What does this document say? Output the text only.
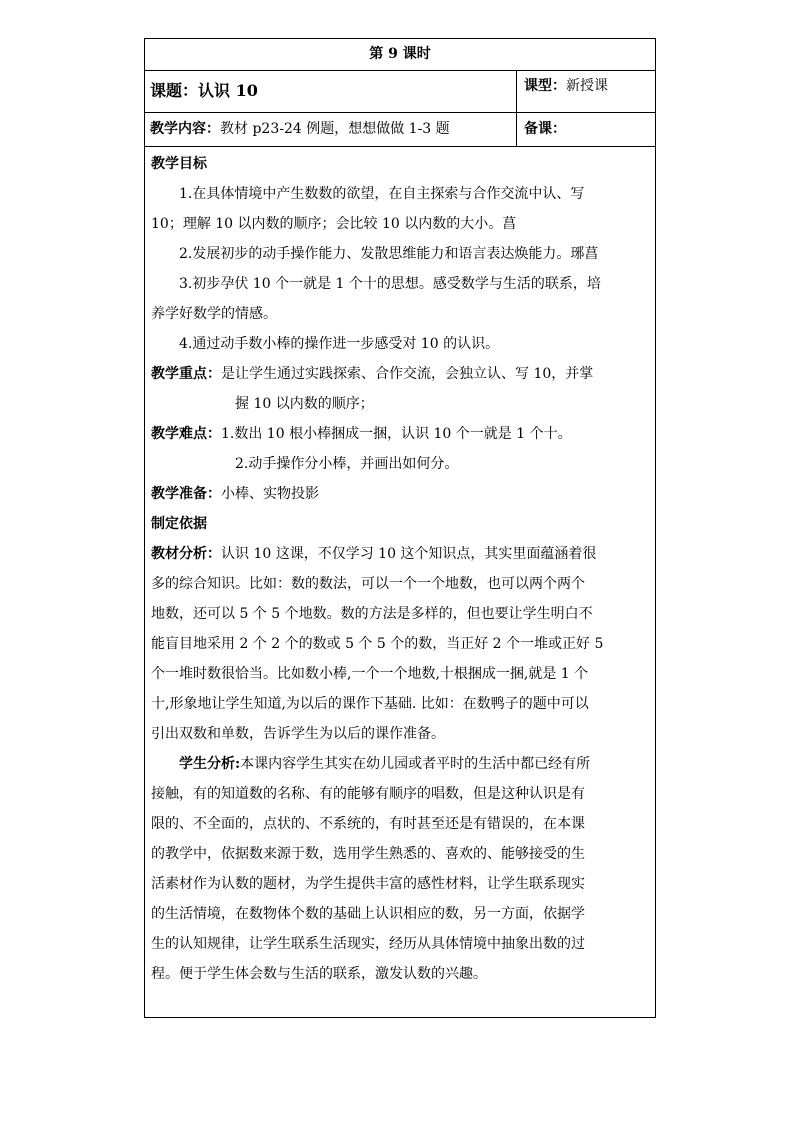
第 9 课时
课题：认识 10	课型：新授课
教学内容：教材 p23-24 例题，想想做做 1-3 题	备课：
教学目标
1.在具体情境中产生数数的欲望，在自主探索与合作交流中认、写
10；理解 10 以内数的顺序；会比较 10 以内数的大小。菖
2.发展初步的动手操作能力、发散思维能力和语言表达焕能力。琊菖
3.初步孕伏 10 个一就是 1 个十的思想。感受数学与生活的联系，培
养学好数学的情感。
4.通过动手数小棒的操作进一步感受对 10 的认识。
教学重点：是让学生通过实践探索、合作交流，会独立认、写 10，并掌
握 10 以内数的顺序；
教学难点：1.数出 10 根小棒捆成一捆，认识 10 个一就是 1 个十。
2.动手操作分小棒，并画出如何分。
教学准备：小棒、实物投影
制定依据
教材分析：认识 10 这课，不仅学习 10 这个知识点，其实里面蕴涵着很
多的综合知识。比如：数的数法，可以一个一个地数，也可以两个两个
地数，还可以 5 个 5 个地数。数的方法是多样的，但也要让学生明白不
能盲目地采用 2 个 2 个的数或 5 个 5 个的数，当正好 2 个一堆或正好 5
个一堆时数很恰当。比如数小棒,一个一个地数,十根捆成一捆,就是 1 个
十,形象地让学生知道,为以后的课作下基础. 比如：在数鸭子的题中可以
引出双数和单数，告诉学生为以后的课作准备。
学生分析:本课内容学生其实在幼儿园或者平时的生活中都已经有所
接触，有的知道数的名称、有的能够有顺序的唱数，但是这种认识是有
限的、不全面的，点状的、不系统的，有时甚至还是有错误的，在本课
的教学中，依据数来源于数，选用学生熟悉的、喜欢的、能够接受的生
活素材作为认数的题材，为学生提供丰富的感性材料，让学生联系现实
的生活情境，在数物体个数的基础上认识相应的数，另一方面，依据学
生的认知规律，让学生联系生活现实，经历从具体情境中抽象出数的过
程。便于学生体会数与生活的联系，激发认数的兴趣。
